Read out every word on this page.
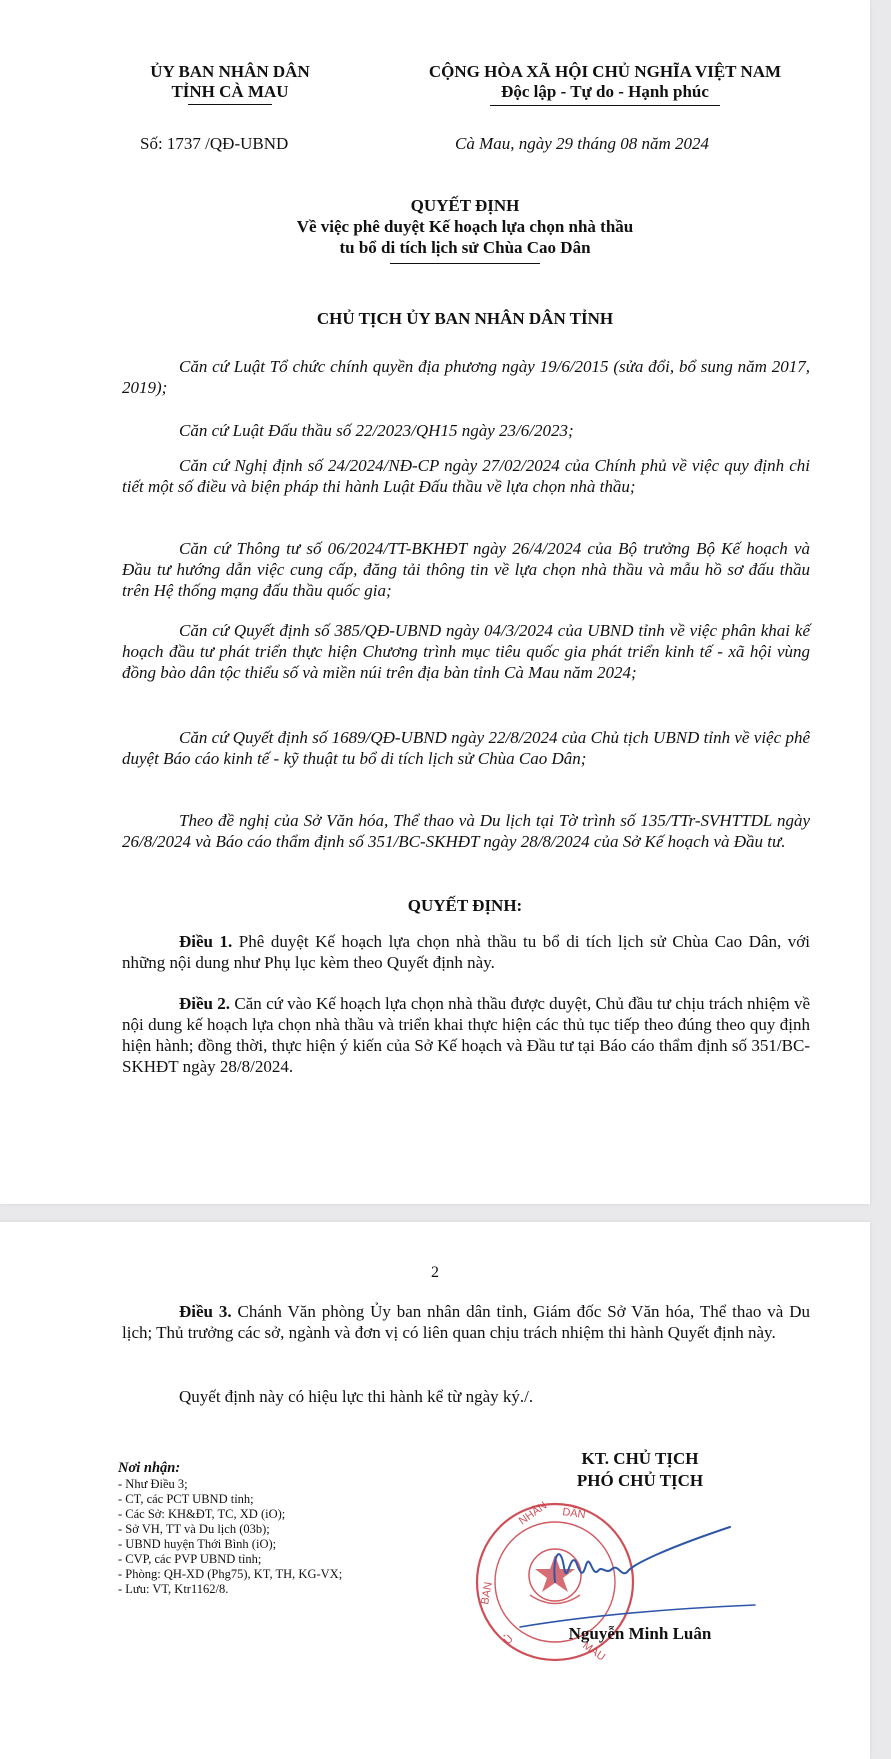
ỦY BAN NHÂN DÂN
TỈNH CÀ MAU
CỘNG HÒA XÃ HỘI CHỦ NGHĨA VIỆT NAM
Độc lập - Tự do - Hạnh phúc
Số: 1737 /QĐ-UBND	Cà Mau, ngày 29 tháng 08 năm 2024
QUYẾT ĐỊNH
Về việc phê duyệt Kế hoạch lựa chọn nhà thầu
tu bổ di tích lịch sử Chùa Cao Dân
CHỦ TỊCH ỦY BAN NHÂN DÂN TỈNH
Căn cứ Luật Tổ chức chính quyền địa phương ngày 19/6/2015 (sửa đổi, bổ sung năm 2017, 2019);
Căn cứ Luật Đấu thầu số 22/2023/QH15 ngày 23/6/2023;
Căn cứ Nghị định số 24/2024/NĐ-CP ngày 27/02/2024 của Chính phủ về việc quy định chi tiết một số điều và biện pháp thi hành Luật Đấu thầu về lựa chọn nhà thầu;
Căn cứ Thông tư số 06/2024/TT-BKHĐT ngày 26/4/2024 của Bộ trưởng Bộ Kế hoạch và Đầu tư hướng dẫn việc cung cấp, đăng tải thông tin về lựa chọn nhà thầu và mẫu hồ sơ đấu thầu trên Hệ thống mạng đấu thầu quốc gia;
Căn cứ Quyết định số 385/QĐ-UBND ngày 04/3/2024 của UBND tỉnh về việc phân khai kế hoạch đầu tư phát triển thực hiện Chương trình mục tiêu quốc gia phát triển kinh tế - xã hội vùng đồng bào dân tộc thiểu số và miền núi trên địa bàn tỉnh Cà Mau năm 2024;
Căn cứ Quyết định số 1689/QĐ-UBND ngày 22/8/2024 của Chủ tịch UBND tỉnh về việc phê duyệt Báo cáo kinh tế - kỹ thuật tu bổ di tích lịch sử Chùa Cao Dân;
Theo đề nghị của Sở Văn hóa, Thể thao và Du lịch tại Tờ trình số 135/TTr-SVHTTDL ngày 26/8/2024 và Báo cáo thẩm định số 351/BC-SKHĐT ngày 28/8/2024 của Sở Kế hoạch và Đầu tư.
QUYẾT ĐỊNH:
Điều 1. Phê duyệt Kế hoạch lựa chọn nhà thầu tu bổ di tích lịch sử Chùa Cao Dân, với những nội dung như Phụ lục kèm theo Quyết định này.
Điều 2. Căn cứ vào Kế hoạch lựa chọn nhà thầu được duyệt, Chủ đầu tư chịu trách nhiệm về nội dung kế hoạch lựa chọn nhà thầu và triển khai thực hiện các thủ tục tiếp theo đúng theo quy định hiện hành; đồng thời, thực hiện ý kiến của Sở Kế hoạch và Đầu tư tại Báo cáo thẩm định số 351/BC-SKHĐT ngày 28/8/2024.
2
Điều 3. Chánh Văn phòng Ủy ban nhân dân tỉnh, Giám đốc Sở Văn hóa, Thể thao và Du lịch; Thủ trưởng các sở, ngành và đơn vị có liên quan chịu trách nhiệm thi hành Quyết định này.
Quyết định này có hiệu lực thi hành kể từ ngày ký./.
KT. CHỦ TỊCH
PHÓ CHỦ TỊCH
NHÂN DÂN
BAN
Ủ	MAU
Nguyễn Minh Luân
Nơi nhận:
- Như Điều 3;
- CT, các PCT UBND tỉnh;
- Các Sở: KH&ĐT, TC, XD (iO);
- Sở VH, TT và Du lịch (03b);
- UBND huyện Thới Bình (iO);
- CVP, các PVP UBND tỉnh;
- Phòng: QH-XD (Phg75), KT, TH, KG-VX;
- Lưu: VT, Ktr1162/8.
